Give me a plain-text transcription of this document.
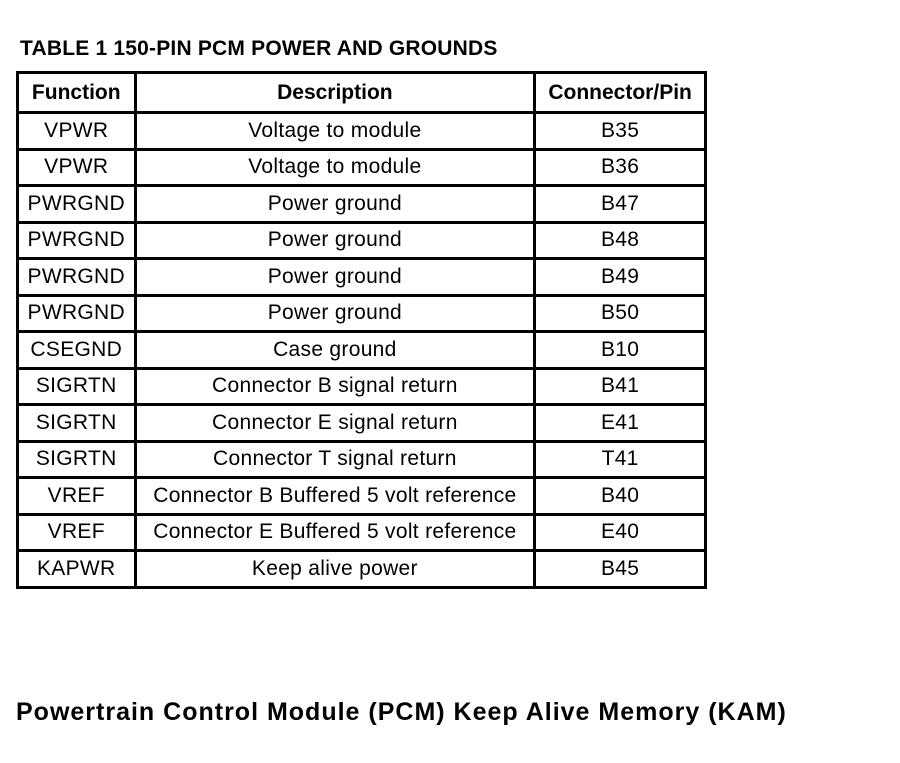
TABLE 1 150-PIN PCM POWER AND GROUNDS
Function	Description	Connector/Pin
VPWR	Voltage to module	B35
VPWR	Voltage to module	B36
PWRGND	Power ground	B47
PWRGND	Power ground	B48
PWRGND	Power ground	B49
PWRGND	Power ground	B50
CSEGND	Case ground	B10
SIGRTN	Connector B signal return	B41
SIGRTN	Connector E signal return	E41
SIGRTN	Connector T signal return	T41
VREF	Connector B Buffered 5 volt reference	B40
VREF	Connector E Buffered 5 volt reference	E40
KAPWR	Keep alive power	B45
Powertrain Control Module (PCM) Keep Alive Memory (KAM)
